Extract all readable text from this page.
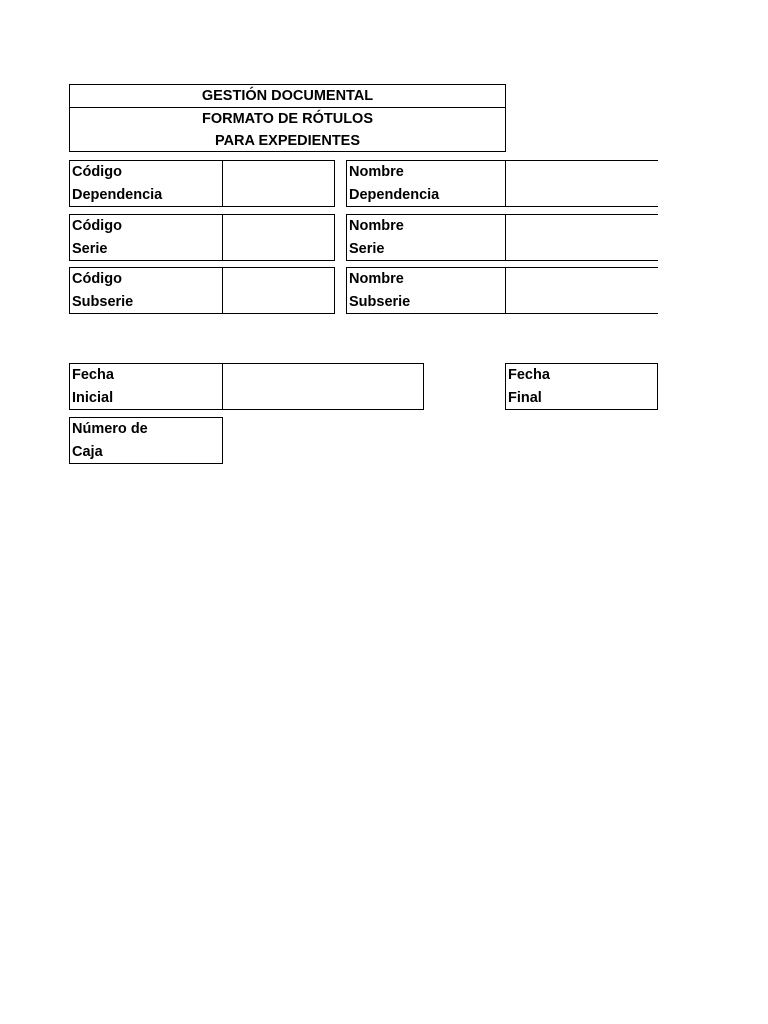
GESTIÓN DOCUMENTAL
FORMATO DE RÓTULOS
PARA EXPEDIENTES
Código
Dependencia
Nombre
Dependencia
Código
Serie
Nombre
Serie
Código
Subserie
Nombre
Subserie
Fecha
Inicial
Fecha
Final
Número de
Caja
